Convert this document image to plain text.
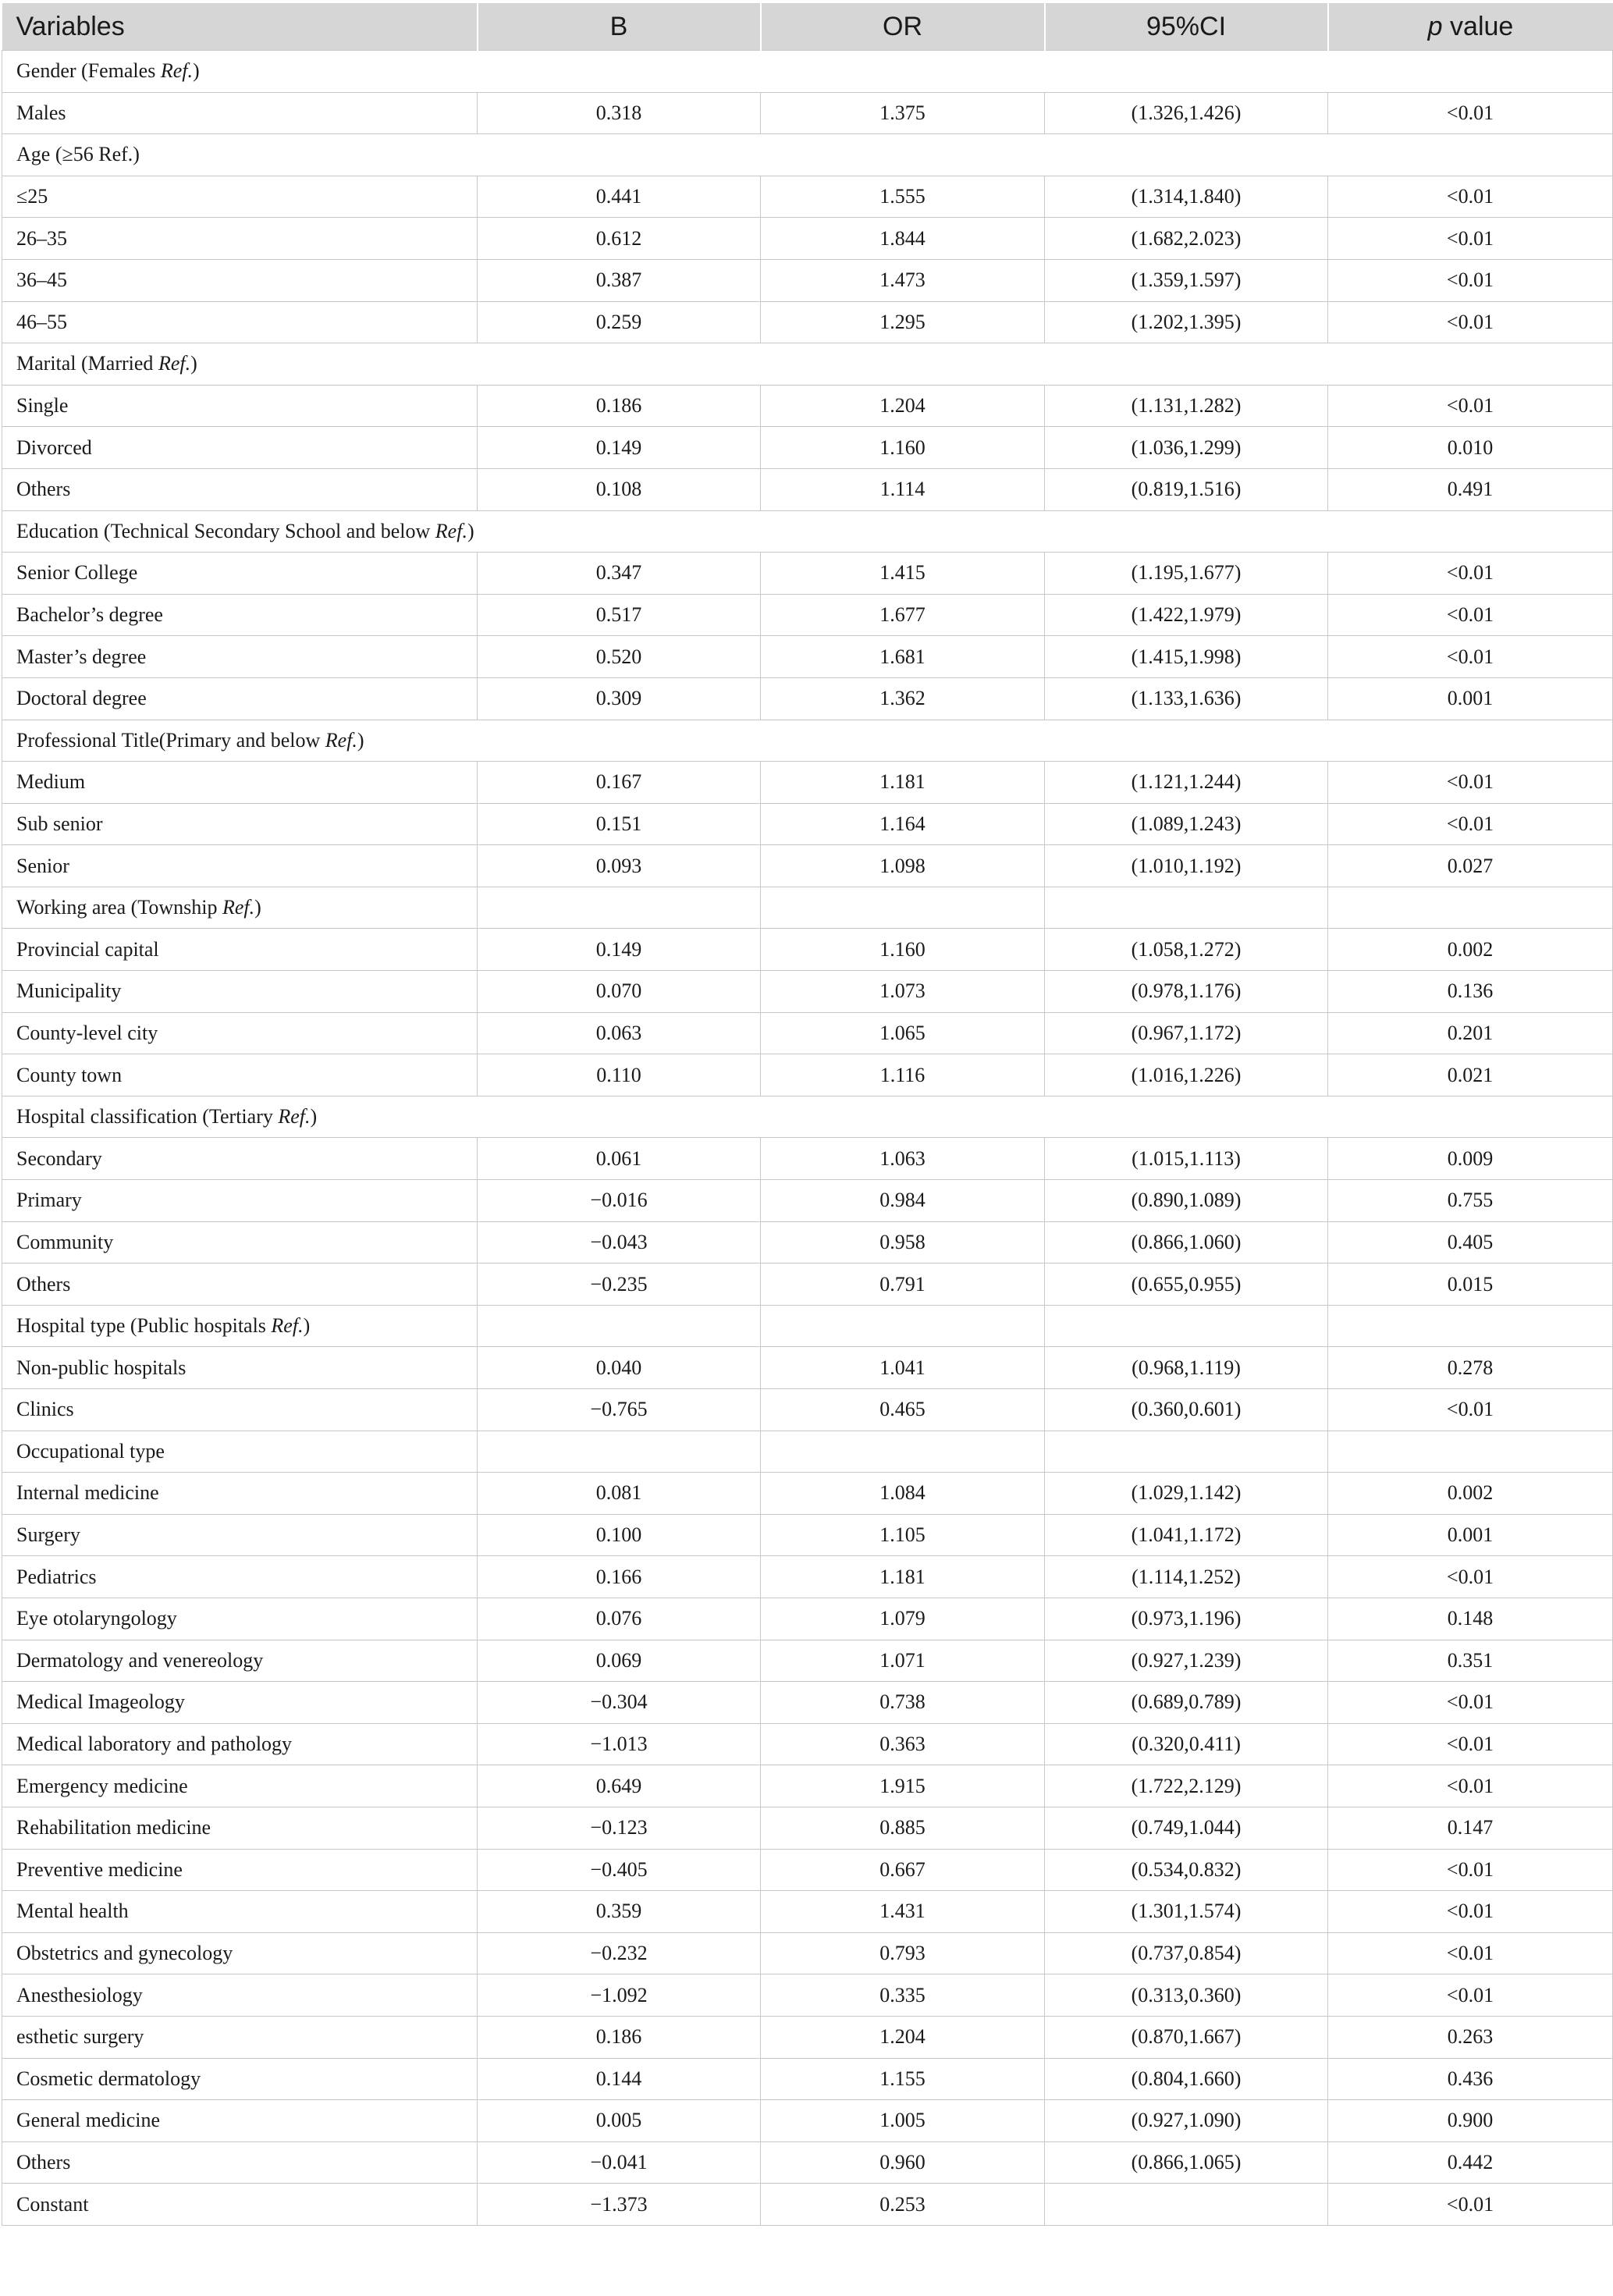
Variables	B	OR	95%CI	p value
Gender (Females Ref.)				
Males	0.318	1.375	(1.326,1.426)	<0.01
Age (≥56 Ref.)				
≤25	0.441	1.555	(1.314,1.840)	<0.01
26–35	0.612	1.844	(1.682,2.023)	<0.01
36–45	0.387	1.473	(1.359,1.597)	<0.01
46–55	0.259	1.295	(1.202,1.395)	<0.01
Marital (Married Ref.)				
Single	0.186	1.204	(1.131,1.282)	<0.01
Divorced	0.149	1.160	(1.036,1.299)	0.010
Others	0.108	1.114	(0.819,1.516)	0.491
Education (Technical Secondary School and below Ref.)				
Senior College	0.347	1.415	(1.195,1.677)	<0.01
Bachelor’s degree	0.517	1.677	(1.422,1.979)	<0.01
Master’s degree	0.520	1.681	(1.415,1.998)	<0.01
Doctoral degree	0.309	1.362	(1.133,1.636)	0.001
Professional Title(Primary and below Ref.)				
Medium	0.167	1.181	(1.121,1.244)	<0.01
Sub senior	0.151	1.164	(1.089,1.243)	<0.01
Senior	0.093	1.098	(1.010,1.192)	0.027
Working area (Township Ref.)				
Provincial capital	0.149	1.160	(1.058,1.272)	0.002
Municipality	0.070	1.073	(0.978,1.176)	0.136
County-level city	0.063	1.065	(0.967,1.172)	0.201
County town	0.110	1.116	(1.016,1.226)	0.021
Hospital classification (Tertiary Ref.)				
Secondary	0.061	1.063	(1.015,1.113)	0.009
Primary	−0.016	0.984	(0.890,1.089)	0.755
Community	−0.043	0.958	(0.866,1.060)	0.405
Others	−0.235	0.791	(0.655,0.955)	0.015
Hospital type (Public hospitals Ref.)				
Non-public hospitals	0.040	1.041	(0.968,1.119)	0.278
Clinics	−0.765	0.465	(0.360,0.601)	<0.01
Occupational type				
Internal medicine	0.081	1.084	(1.029,1.142)	0.002
Surgery	0.100	1.105	(1.041,1.172)	0.001
Pediatrics	0.166	1.181	(1.114,1.252)	<0.01
Eye otolaryngology	0.076	1.079	(0.973,1.196)	0.148
Dermatology and venereology	0.069	1.071	(0.927,1.239)	0.351
Medical Imageology	−0.304	0.738	(0.689,0.789)	<0.01
Medical laboratory and pathology	−1.013	0.363	(0.320,0.411)	<0.01
Emergency medicine	0.649	1.915	(1.722,2.129)	<0.01
Rehabilitation medicine	−0.123	0.885	(0.749,1.044)	0.147
Preventive medicine	−0.405	0.667	(0.534,0.832)	<0.01
Mental health	0.359	1.431	(1.301,1.574)	<0.01
Obstetrics and gynecology	−0.232	0.793	(0.737,0.854)	<0.01
Anesthesiology	−1.092	0.335	(0.313,0.360)	<0.01
esthetic surgery	0.186	1.204	(0.870,1.667)	0.263
Cosmetic dermatology	0.144	1.155	(0.804,1.660)	0.436
General medicine	0.005	1.005	(0.927,1.090)	0.900
Others	−0.041	0.960	(0.866,1.065)	0.442
Constant	−1.373	0.253		<0.01
